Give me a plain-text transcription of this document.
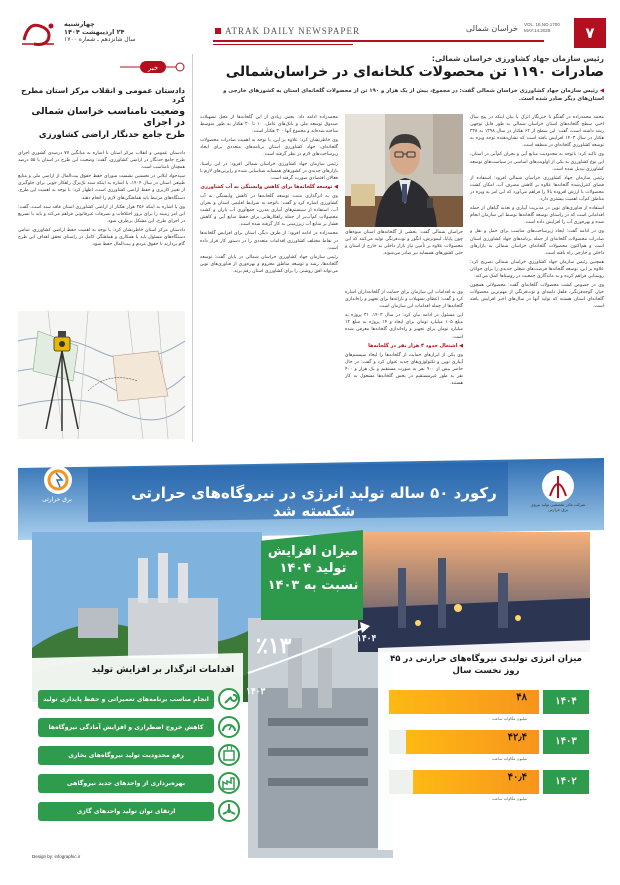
چهارشنبه
۲۴ اردیبهشت ۱۴۰۴
سال شانزدهم ـ شماره ۱۷۰۰
ATRAK DAILY NEWSPAPER	خراسان شمالی VOL. 16,NO.1700
MAY.14.2025	۷
رئیس سازمان جهاد کشاورزی خراسان شمالی:
صادرات ۱۱۹۰ تن محصولات کلخانه‌ای در خراسان‌شمالی
◀ رئیس سازمان جهاد کشاورزی خراسان شمالی گفت: در مجموع، بیش از یک هزار و ۱۹۰ تن از محصولات گلخانه‌ای استان به کشورهای خارجی و استان‌های دیگر صادر شده است.

محمد محمدزاده در گفتگو با خبرنگار اترک با بیان اینکه در پنج سال اخیر، سطح گلخانه‌های استان خراسان شمالی به طور قابل توجهی رشد داشته است، گفت: این سطح از ۶۲ هکتار در سال ۱۳۹۸ به ۳۲۸ هکتار در سال ۱۴۰۳ افزایش یافته است که نشان‌دهنده توجه ویژه به توسعه کشاورزی گلخانه‌ای در منطقه است.

وی تاکید کرد: باتوجه به محدودیت منابع آبی و بحران کم‌آبی در استان، این نوع کشاورزی به یکی از اولویت‌های اساسی در سیاست‌های توسعه کشاورزی تبدیل شده است.

رئیس سازمان جهاد کشاورزی خراسان شمالی افزود: استفاده از فضای کنترل‌شده گلخانه‌ها علاوه بر کاهش مصرف آب، امکان کشت محصولات با ارزش افزوده بالا را فراهم می‌آورد که این امر به ویژه در مناطق کم‌آب اهمیت بیشتری دارد.

استفاده از فناوری‌های نوین در مدیریت آبیاری و تغذیه گیاهان از جمله اقداماتی است که در راستای توسعه گلخانه‌ها توسط این سازمان انجام شده و بهره‌وری آب را افزایش داده است.

وی در ادامه گفت: ایجاد زیرساخت‌های مناسب برای حمل و نقل و صادرات محصولات گلخانه‌ای از جمله برنامه‌های جهاد کشاورزی استان است و هم‌اکنون محصولات گلخانه‌ای خراسان شمالی به بازارهای داخلی و خارجی راه یافته است.

همچنین رئیس سازمان جهاد کشاورزی خراسان شمالی تصریح کرد: علاوه بر این، توسعه گلخانه‌ها فرصت‌های شغلی جدیدی را برای جوانان روستایی فراهم کرده و به ماندگاری جمعیت در روستاها کمک می‌کند.

وی در خصوص کشت محصولات گلخانه‌ای گفت: محصولاتی همچون خیار، گوجه‌فرنگی، فلفل دلمه‌ای و توت‌فرنگی از مهم‌ترین محصولات گلخانه‌ای استان هستند که تولید آنها در سال‌های اخیر افزایش یافته است.

خراسان شمالی گفت: بخشی از گلخانه‌های استان میوه‌های چون پاپایا، لیموترش، انگور و توت‌فرنگی تولید می‌کنند که این محصولات علاوه بر تأمین نیاز بازار داخلی به خارج از استان و حتی کشورهای همسایه نیز صادر می‌شوند.

وی به اقدامات این سازمان برای حمایت از گلخانه‌داران اشاره کرد و گفت: اعطای تسهیلات و یارانه‌ها برای تجهیز و راه‌اندازی گلخانه‌ها از جمله اقدامات این سازمان است.

این مسئول در ادامه بیان کرد: در سال ۱۴۰۳، ۳۱ پروژه به مبلغ ۱۰۵ میلیارد تومان برای ایجاد و ۱۴ پروژه به مبلغ ۱۲ میلیارد تومان برای تجهیز و راه‌اندازی گلخانه‌ها معرفی شده است.

◀ اشتغال حدود ۴ هزار نفر در گلخانه‌ها

وی یکی از ابزارهای حمایت از گلخانه‌ها را ایجاد سیستم‌های آبیاری نوین و تکنولوژی‌های جدید عنوان کرد و گفت: در حال حاضر بیش از ۹۰۰ نفر به صورت مستقیم و یک هزار و ۴۰۰ نفر به طور غیرمستقیم در بخش گلخانه‌ها مشغول به کار هستند.

محمدزاده ادامه داد: بخش زیادی از این گلخانه‌ها از محل تسهیلات صندوق توسعه ملی و بانک‌های عامل، ۱۰ تا ۲۰ هکتار به طور متوسط ساخته شده‌اند و مجموع آنها ۳۰۰ هکتار است.

وی خاطرنشان کرد: علاوه بر این، با توجه به اهمیت صادرات محصولات گلخانه‌ای، جهاد کشاورزی استان برنامه‌های متعددی برای ایجاد زیرساخت‌های لازم در نظر گرفته است.

رئیس سازمان جهاد کشاورزی خراسان شمالی افزود: در این راستا، بازارهای جدیدی در کشورهای همسایه شناسایی شده و رایزنی‌های لازم با فعالان اقتصادی صورت گرفته است.

◀ توسعه گلخانه‌ها برای کاهش وابستگی به آب کشاورزی

وی به اثرگذاری مثبت توسعه گلخانه‌ها در کاهش وابستگی به آب کشاورزی اشاره کرد و گفت: باتوجه به شرایط اقلیمی استان و بحران آب، استفاده از سیستم‌های آبیاری مدرن، جمع‌آوری آب باران و کشت محصولات کم‌آب‌بر از جمله راهکارهایی برای حفظ منابع آبی و کاهش فشار بر منابع آب زیرزمینی به کار گرفته شده است.

محمدزاده در ادامه افزود: از طرف دیگر، استان برای افزایش گلخانه‌ها در نقاط مختلف کشاورزی اقدامات متعددی را در دستور کار قرار داده است.

رئیس سازمان جهاد کشاورزی خراسان شمالی در پایان گفت: توسعه گلخانه‌ها، رشد و توسعه مناطق محروم و بهره‌وری از فناوری‌های نوین می‌تواند افق روشنی را برای کشاورزی استان رقم بزند.

خبر
دادستان عمومی و انقلاب مرکز استان مطرح کرد
وضعیت نامناسب خراسان شمالی در اجرای
طرح جامع حدنگار اراضی کشاورزی

دادستان عمومی و انقلاب مرکز استان با اشاره به میانگین ۷۷ درصدی کشوری اجرای طرح جامع حدنگار در اراضی کشاورزی، گفت: وضعیت این طرح در استان با ۵۵ درصد همچنان نامناسب است.

سیدجواد ایلاتی در نخستین نشست شورای حفظ حقوق بیت‌المال از اراضی ملی و منابع طبیعی استان در سال ۱۴۰۴، با اشاره به اینکه سند تک‌برگ راهکار خوبی برای جلوگیری از تغییر کاربری و حفظ اراضی کشاورزی است، اظهار کرد: با توجه به اهمیت این طرح، دستگاه‌های مرتبط باید هماهنگی‌های لازم را انجام دهند.

وی با اشاره به اینکه ۲۵۶ هزار هکتار از اراضی کشاورزی استان فاقد سند است، گفت: این امر زمینه را برای بروز اختلافات و تصرفات غیرقانونی فراهم می‌کند و باید با تسریع در اجرای طرح، این مشکل برطرف شود.

دادستان مرکز استان خاطرنشان کرد: با توجه به اهمیت حفظ اراضی کشاورزی، تمامی دستگاه‌های مسئول باید با همکاری و هماهنگی کامل در راستای تحقق اهداف این طرح گام بردارند تا حقوق مردم و بیت‌المال حفظ شود.

رکورد ۵۰ ساله تولید انرژی در نیروگاه‌های حرارتی شکسته شد
برق حرارتی
شرکت مادر تخصصی تولید نیروی برق حرارتی
میزان افزایش
تولید ۱۴۰۴
نسبت به ۱۴۰۳
٪۱۳	۱۴۰۴
۱۴۰۳
اقدامات اثرگذار بر افزایش تولید
انجام مناسب برنامه‌های تعمیراتی و حفظ پایداری تولید
کاهش خروج اضطراری و افزایش آمادگی نیروگاه‌ها
رفع محدودیت تولید نیروگاه‌های بخاری
بهره‌برداری از واحدهای جدید نیروگاهی
ارتقای توان تولید واحدهای گازی
میزان انرژی تولیدی نیروگاه‌های حرارتی در ۴۵ روز نخست سال
۱۴۰۴
۴۸
میلیون مگاوات ساعت
۱۴۰۳
۴۲٫۴
میلیون مگاوات ساعت
۱۴۰۲
۴۰٫۴
میلیون مگاوات ساعت
Design by: infographic.ir
